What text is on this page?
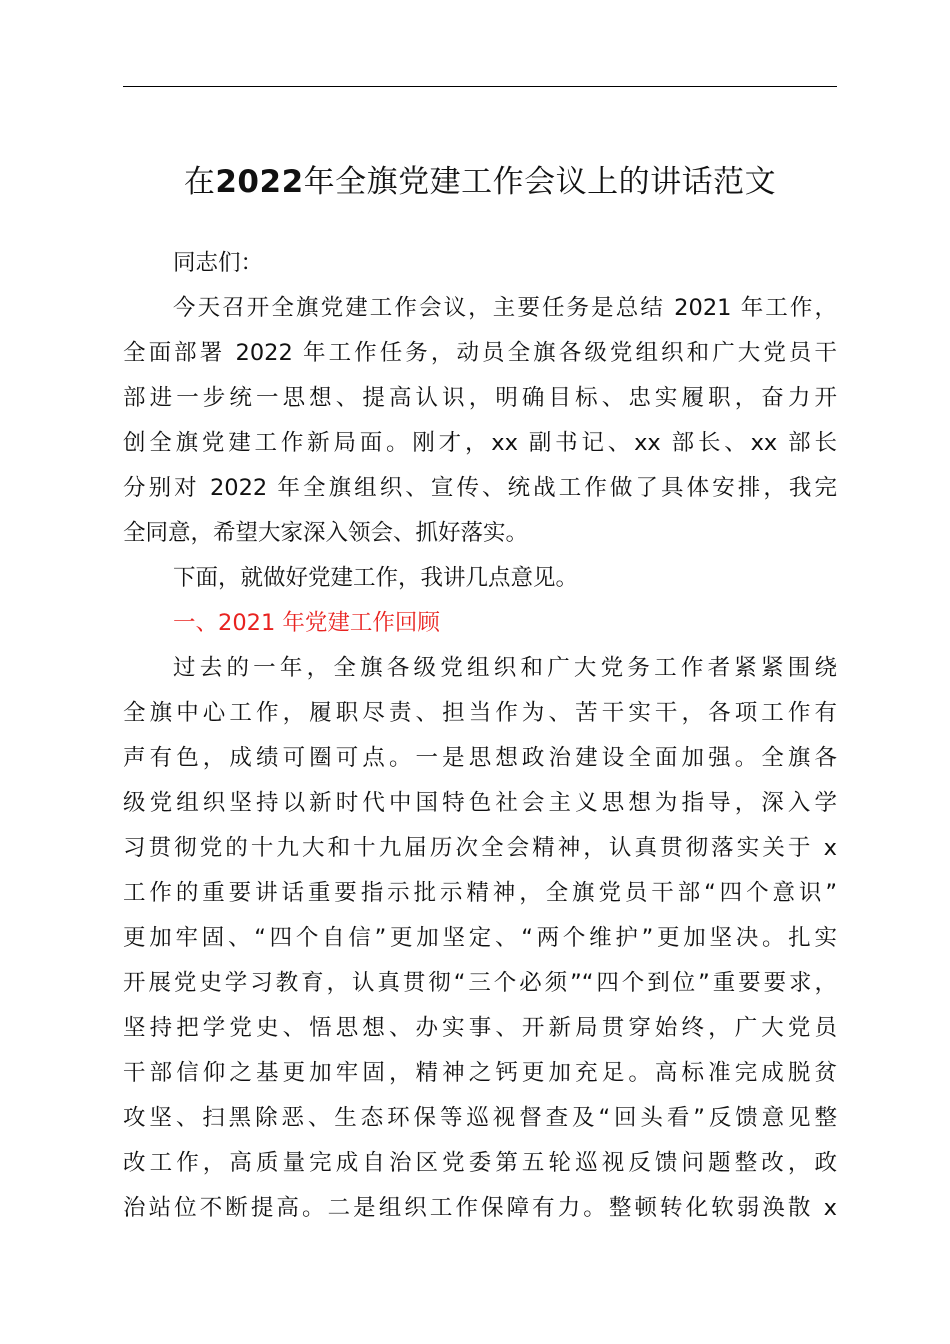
在2022年全旗党建工作会议上的讲话范文
同志们：
今天召开全旗党建工作会议，主要任务是总结 2021 年工作，
全面部署 2022 年工作任务，动员全旗各级党组织和广大党员干
部进一步统一思想、提高认识，明确目标、忠实履职，奋力开
创全旗党建工作新局面。刚才，xx 副书记、xx 部长、xx 部长
分别对 2022 年全旗组织、宣传、统战工作做了具体安排，我完
全同意，希望大家深入领会、抓好落实。
下面，就做好党建工作，我讲几点意见。
一、2021 年党建工作回顾
过去的一年，全旗各级党组织和广大党务工作者紧紧围绕
全旗中心工作，履职尽责、担当作为、苦干实干，各项工作有
声有色，成绩可圈可点。一是思想政治建设全面加强。全旗各
级党组织坚持以新时代中国特色社会主义思想为指导，深入学
习贯彻党的十九大和十九届历次全会精神，认真贯彻落实关于 x
工作的重要讲话重要指示批示精神，全旗党员干部“四个意识”
更加牢固、“四个自信”更加坚定、“两个维护”更加坚决。扎实
开展党史学习教育，认真贯彻“三个必须”“四个到位”重要要求，
坚持把学党史、悟思想、办实事、开新局贯穿始终，广大党员
干部信仰之基更加牢固，精神之钙更加充足。高标准完成脱贫
攻坚、扫黑除恶、生态环保等巡视督查及“回头看”反馈意见整
改工作，高质量完成自治区党委第五轮巡视反馈问题整改，政
治站位不断提高。二是组织工作保障有力。整顿转化软弱涣散 x
